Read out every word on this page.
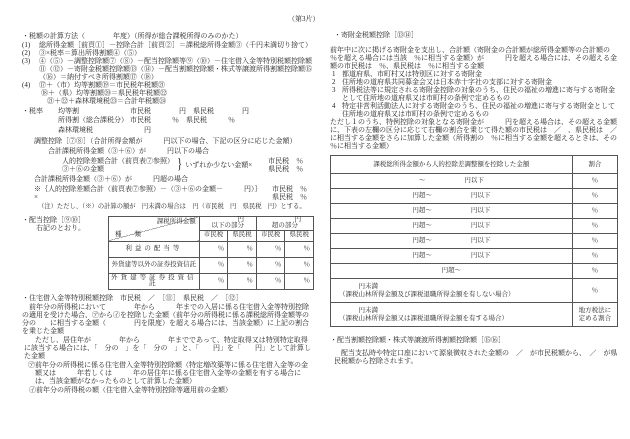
（第3片）
・税額の計算方法（　　　　年度）（所得が総合課税所得のみのかた）
(1)	総所得金額［前頁①］－控除合計［前頁②］＝課税総所得金額③（千円未満切り捨て）
(2)	③×税率＝算出所得割額④（⑤）
(3)	④（⑤）－調整控除額⑦（⑧）－配当控除額等⑨（⑩）－住宅借入金等特別税額控除額⑪（⑫）－寄附金税額控除額⑬（⑭）－配当割額控除額・株式等譲渡所得割額控除額⑮（⑯）＝納付すべき所得割額⑰（⑱）
(4)	⑰＋（市）均等割額⑲＝市民税年税額㉑
⑱＋（県）均等割額⑳＝県民税年税額㉒
㉑＋㉒＋森林環境税㉓＝合計年税額㉔
・税率	均等割	市民税　　　　円　県民税　　　　円
所得割（総合課税分） 市民税　　　％　県民税　　　％
森林環境税	　　円
調整控除［⑦⑧］（合計所得金額が　　　円以下の場合、下記の区分に応じた金額）
合計課税所得金額（③＋⑥）が　　　円以下の場合
人的控除差額合計（前頁表⑦参照）
③＋⑥の金額	} いずれか少ない金額× 市民税　％
県民税　％
合計課税所得金額（③＋⑥）が　　　円超の場合
※｛人的控除差額合計（前頁表⑦参照）－（③＋⑥の金額－　　　円）｝×
市民税　％
県民税　％
（注）ただし、（※）の計算の額が　円未満の場合は　円（市民税　円　県民税　円）とする。
・配当控除［⑨⑩］
右記のとおり。
課税所得金額
種　　類	　　　　円
以下の部分		　　　　円
超の部分	

	市民税	県民税	市民税	県民税
利益の配当等	％	％	％	％
外貨建等以外の証券投資信託	％	％	％	％
外貨建等証券投資信託	％	％	％	％

・住宅借入金等特別税額控除　市民税　／　［⑪］　県民税　／　［⑫］

前年分の所得税において　　　　年から　　　年までの入居に係る住宅借入金等特別控除の適用を受けた場合、㋐から㋑を控除した金額（前年分の所得税に係る課税総所得金額等の　　分の　　に相当する金額（　　　　円を限度）を超える場合には、当該金額）に上記の割合を乗じた金額

ただし、居住年が　　　　年から　　　　年までであって、特定取得又は特別特定取得に該当する場合には、「　分の　」を「　分の　」と、「　　円」を「　　円」として計算した金額

㋐前年分の所得税に係る住宅借入金等特別控除額（特定増改築等に係る住宅借入金等の金額又は　　　年若しくは　　　年の居住年に係る住宅借入金等の金額を有する場合には、当該金額がなかったものとして計算した金額）

㋑前年分の所得税の額（住宅借入金等特別控除等適用前の金額）

・寄附金税額控除［⑬⑭］
前年中に次に掲げる寄附金を支出し、合計額（寄附金の合計額が総所得金額等の合計額の　％を超える場合には当該　％に相当する金額）が　　　円を超える場合には、その超える金額の市民税は　％、県民税は　％に相当する金額
1 都道府県、市町村又は特別区に対する寄附金
2 住所地の道府県共同募金会又は日本赤十字社の支部に対する寄附金
3 所得税法等に規定される寄附金控除の対象のうち、住民の福祉の増進に寄与する寄附金として住所地の道府県又は市町村の条例で定めるもの
4 特定非営利活動法人に対する寄附金のうち、住民の福祉の増進に寄与する寄附金として住所地の道府県又は市町村の条例で定めるもの
ただし１のうち、特例控除の対象となる寄附金が　　　円を超える場合は、その超える金額に、下表の左欄の区分に応じて右欄の割合を乗じて得た額の市民税は　／　、県民税は　／　に相当する金額をさらに加算した金額（所得割の　％に相当する金額を超えるときは、その　％に相当する金額）
課税総所得金額から人的控除差調整額を控除した金額	割合
～　　　　　　円以下	％
円超～　　　　　　円以下	％
円超～　　　　　　円以下	％
円超～　　　　　　円以下	％
円超～　　　　　　円以下	％
円超～　　　　　　円以下	％
円超～	％

　　　円未満
（課税山林所得金額及び課税退職所得金額を有しない場合）	％

　　　円未満
（課税山林所得金額又は課税退職所得金額を有する場合）	地方税法に
定める割合
・配当割額控除額・株式等譲渡所得割額控除額［⑮⑯］
配当支払時や特定口座において源泉徴収された金額の　／　が市民税額から、　／　が県民税額から控除されます。
